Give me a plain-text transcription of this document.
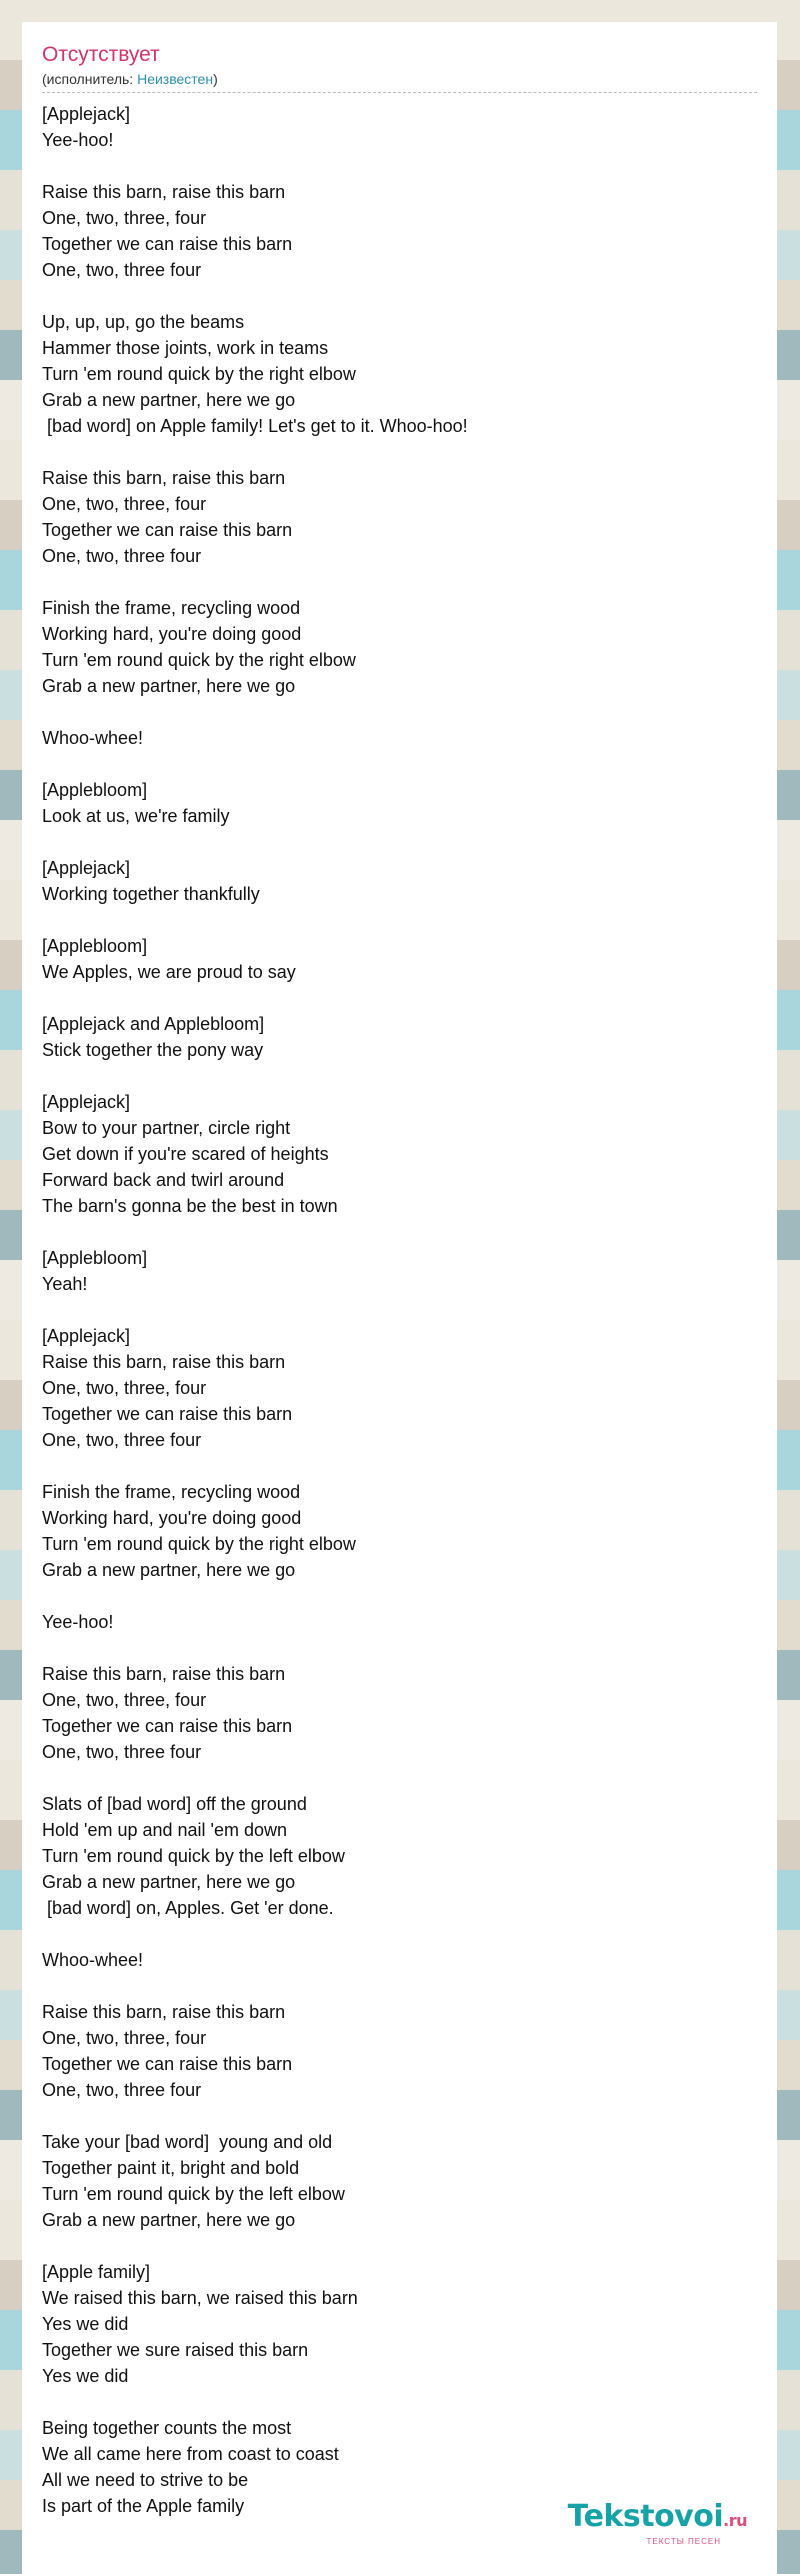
Отсутствует
(исполнитель: Неизвестен)
[Applejack]
Yee-hoo!

Raise this barn, raise this barn
One, two, three, four
Together we can raise this barn
One, two, three four

Up, up, up, go the beams
Hammer those joints, work in teams
Turn 'em round quick by the right elbow
Grab a new partner, here we go
[bad word] on Apple family! Let's get to it. Whoo-hoo!

Raise this barn, raise this barn
One, two, three, four
Together we can raise this barn
One, two, three four

Finish the frame, recycling wood
Working hard, you're doing good
Turn 'em round quick by the right elbow
Grab a new partner, here we go

Whoo-whee!

[Applebloom]
Look at us, we're family

[Applejack]
Working together thankfully

[Applebloom]
We Apples, we are proud to say

[Applejack and Applebloom]
Stick together the pony way

[Applejack]
Bow to your partner, circle right
Get down if you're scared of heights
Forward back and twirl around
The barn's gonna be the best in town

[Applebloom]
Yeah!

[Applejack]
Raise this barn, raise this barn
One, two, three, four
Together we can raise this barn
One, two, three four

Finish the frame, recycling wood
Working hard, you're doing good
Turn 'em round quick by the right elbow
Grab a new partner, here we go

Yee-hoo!

Raise this barn, raise this barn
One, two, three, four
Together we can raise this barn
One, two, three four

Slats of [bad word] off the ground
Hold 'em up and nail 'em down
Turn 'em round quick by the left elbow
Grab a new partner, here we go
[bad word] on, Apples. Get 'er done.

Whoo-whee!

Raise this barn, raise this barn
One, two, three, four
Together we can raise this barn
One, two, three four

Take your [bad word]  young and old
Together paint it, bright and bold
Turn 'em round quick by the left elbow
Grab a new partner, here we go

[Apple family]
We raised this barn, we raised this barn
Yes we did
Together we sure raised this barn
Yes we did

Being together counts the most
We all came here from coast to coast
All we need to strive to be
Is part of the Apple family	Tekstovoi.ru
ТЕКСТЫ ПЕСЕН
